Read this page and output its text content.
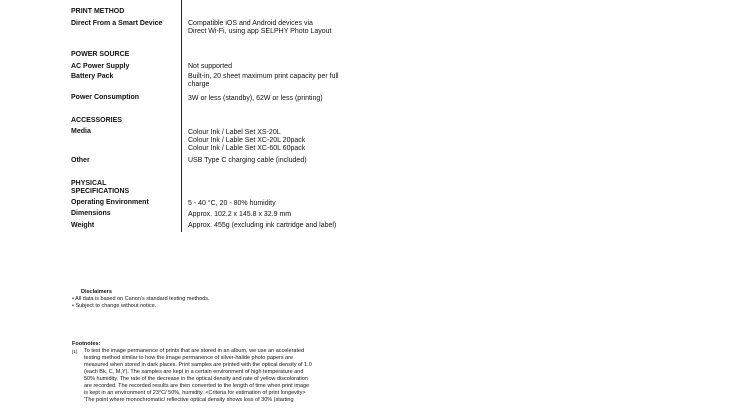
PRINT METHOD
Direct From a Smart Device	Compatible iOS and Android devices via
Direct Wi-Fi, using app SELPHY Photo Layout
POWER SOURCE
AC Power Supply	Not supported
Battery Pack	Built-in, 20 sheet maximum print capacity per full
charge
Power Consumption	3W or less (standby), 62W or less (printing)
ACCESSORIES
Media	Colour Ink / Label Set XS-20L
Colour Ink / Lable Set XC-20L 20pack
Colour Ink / Lable Set XC-60L 60pack
Other	USB Type C charging cable (included)
PHYSICAL
SPECIFICATIONS
Operating Environment	5 - 40 °C, 20 - 80% humidity
Dimensions	Approx. 102.2 x 145.8 x 32.9 mm
Weight	Approx. 455g (excluding ink cartridge and label)
Disclaimers
• All data is based on Canon's standard testing methods.
• Subject to change without notice.
Footnotes:
[1] To test the image permanence of prints that are stored in an album, we use an accelerated
testing method similar to how the image permanence of silver-halide photo papers are
measured when stored in dark places. Print samples are printed with the optical density of 1.0
(each Bk, C, M,Y). The samples are kept in a certain environment of high temperature and
50% humidity. The rate of the decrease in the optical density and rate of yellow discoloration
are recorded. The recorded results are then converted to the length of time when print image
is kept in an environment of 23°C/ 50%, humidity. <Criteria for estimation of print longevity>
'The point where monochromatic/ reflective optical density shows loss of 30% (starting
